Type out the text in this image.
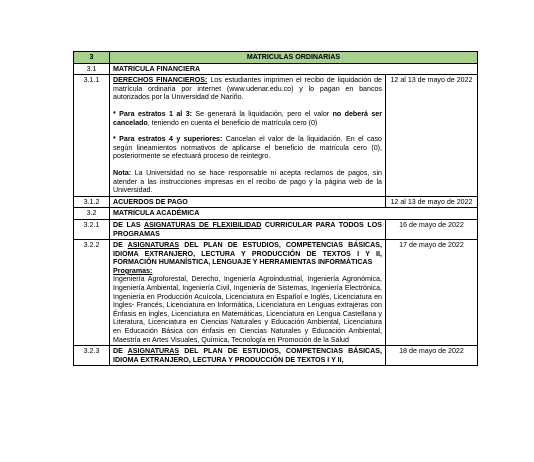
3	MATRICULAS ORDINARIAS	
3.1	MATRICULA FINANCIERA	
3.1.1	DERECHOS FINANCIEROS: Los estudiantes imprimen el recibo de liquidación de matrícula ordinaria por internet (www.udenar.edu.co) y lo pagan en bancos autorizados por la Universidad de Nariño.

* Para estratos 1 al 3: Se generará la liquidación, pero el valor no deberá ser cancelado, teniendo en cuenta el beneficio de matrícula cero (0)

* Para estratos 4 y superiores: Cancelan el valor de la liquidación. En el caso según lineamientos normativos de aplicarse el beneficio de matrícula cero (0), posteriormente se efectuará proceso de reintegro.

Nota: La Universidad no se hace responsable ni acepta reclamos de pagos, sin atender a las instrucciones impresas en el recibo de pago y la página web de la Universidad.	12 al 13 de mayo de 2022
3.1.2	ACUERDOS DE PAGO	12 al 13 de mayo de 2022
3.2	MATRICULA ACADÉMICA	
3.2.1	DE LAS ASIGNATURAS DE FLEXIBILIDAD CURRICULAR PARA TODOS LOS PROGRAMAS	16 de mayo de 2022
3.2.2	DE ASIGNATURAS DEL PLAN DE ESTUDIOS, COMPETENCIAS BÁSICAS, IDIOMA EXTRANJERO, LECTURA Y PRODUCCIÓN DE TEXTOS I Y II, FORMACIÓN HUMANÍSTICA, LENGUAJE Y HERRAMIENTAS INFORMÁTICAS

Programas:

Ingeniería Agroforestal, Derecho, Ingeniería Agroindustrial, Ingeniería Agronómica, Ingeniería Ambiental, Ingeniería Civil, Ingeniería de Sistemas, Ingeniería Electrónica, Ingeniería en Producción Acuícola, Licenciatura en Español e Inglés, Licenciatura en Ingles- Francés, Licenciatura en Informática, Licenciatura en Lenguas extrajeras con Énfasis en ingles, Licenciatura en Matemáticas, Licenciatura en Lengua Castellana y Literatura, Licenciatura en Ciencias Naturales y Educación Ambiental, Licenciatura en Educación Básica con énfasis en Ciencias Naturales y Educación Ambiental, Maestría en Artes Visuales, Química, Tecnología en Promoción de la Salud	17 de mayo de 2022
3.2.3	DE ASIGNATURAS DEL PLAN DE ESTUDIOS, COMPETENCIAS BÁSICAS, IDIOMA EXTRANJERO, LECTURA Y PRODUCCIÓN DE TEXTOS I Y II,	18 de mayo de 2022
